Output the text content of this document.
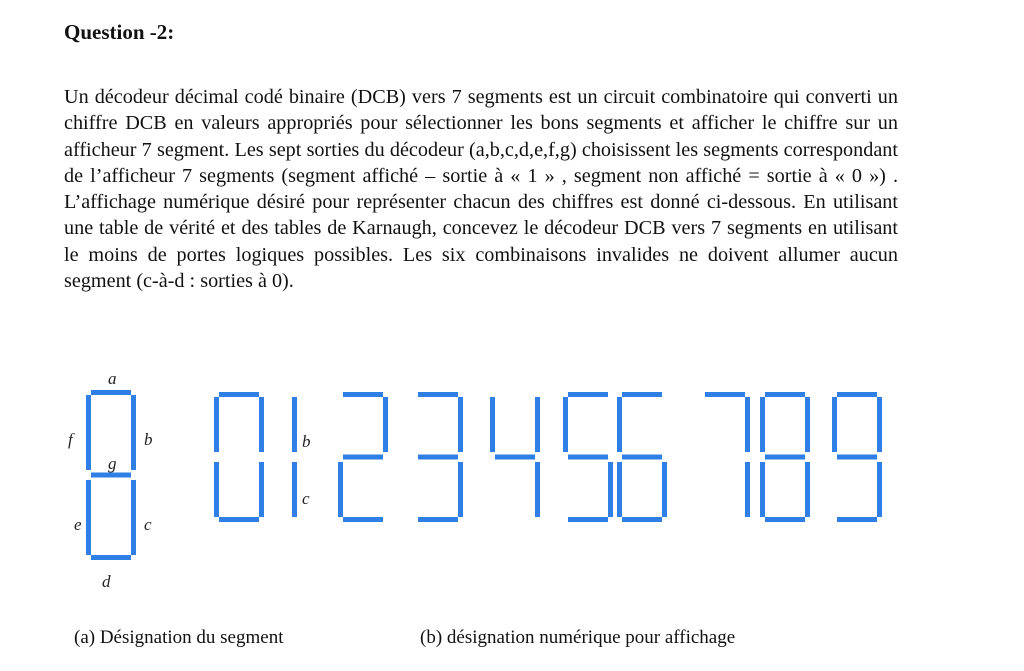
Question -2:

Un décodeur décimal codé binaire (DCB) vers 7 segments est un circuit combinatoire qui converti un chiffre DCB en valeurs appropriés pour sélectionner les bons segments et afficher le chiffre sur un afficheur 7 segment. Les sept sorties du décodeur (a,b,c,d,e,f,g) choisissent les segments correspondant de l’afficheur 7 segments (segment affiché – sortie à « 1 » , segment non affiché = sortie à « 0 ») . L’affichage numérique désiré pour représenter chacun des chiffres est donné ci-dessous. En utilisant une table de vérité et des tables de Karnaugh, concevez le décodeur DCB vers 7 segments en utilisant le moins de portes logiques possibles. Les six combinaisons invalides ne doivent allumer aucun segment (c-à-d : sorties à 0).

a
b
f
g
e	c
d
b
c
(a) Désignation du segment	(b) désignation numérique pour affichage
